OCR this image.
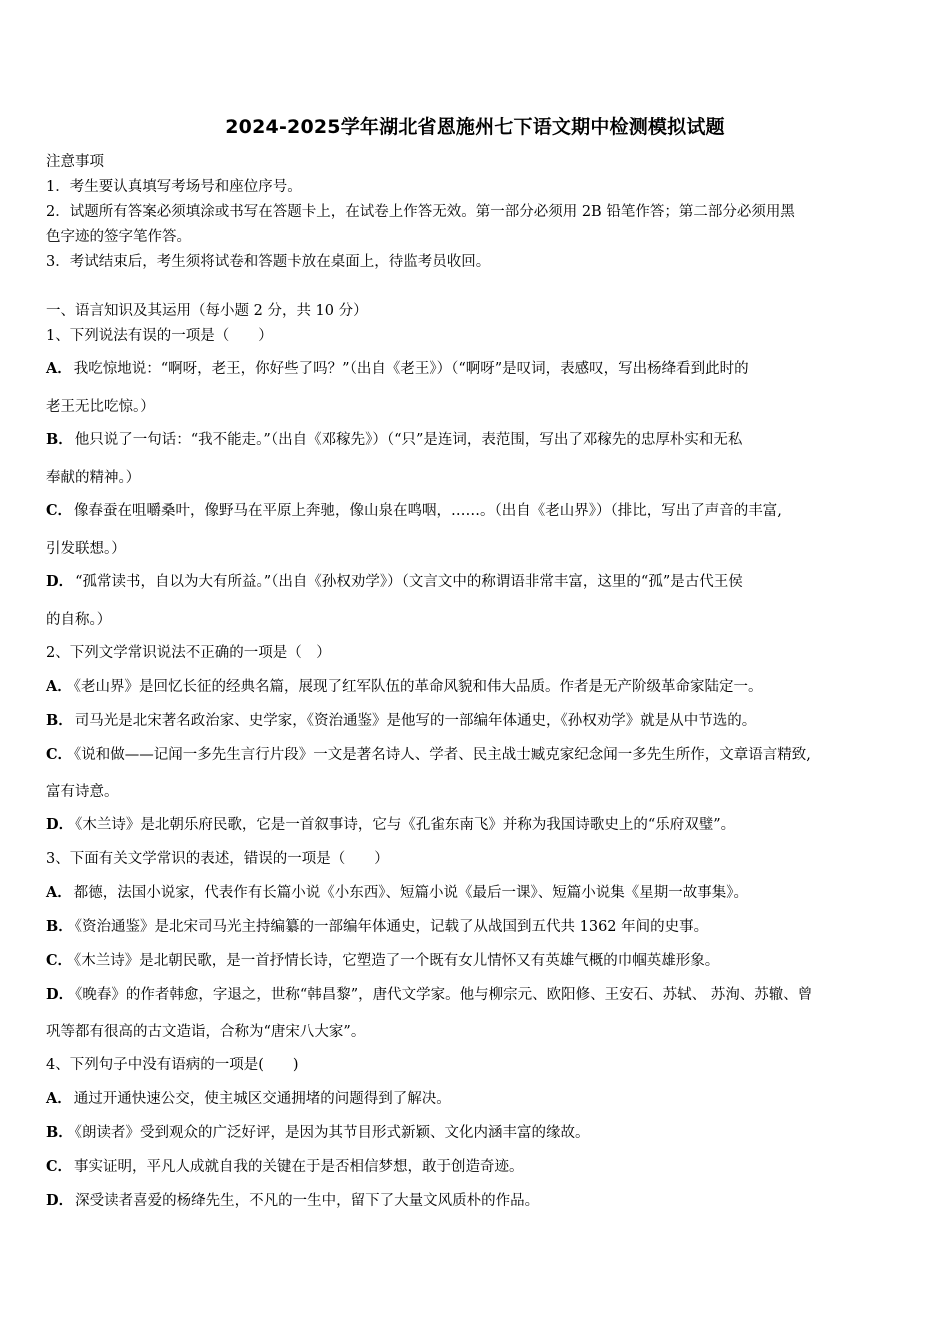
2024-2025学年湖北省恩施州七下语文期中检测模拟试题
注意事项
1．考生要认真填写考场号和座位序号。
2．试题所有答案必须填涂或书写在答题卡上，在试卷上作答无效。第一部分必须用 2B 铅笔作答；第二部分必须用黑
色字迹的签字笔作答。
3．考试结束后，考生须将试卷和答题卡放在桌面上，待监考员收回。
一、语言知识及其运用（每小题 2 分，共 10 分）
1、下列说法有误的一项是（　　）
A． 我吃惊地说：“啊呀，老王，你好些了吗？”（出自《老王》）（“啊呀”是叹词，表感叹，写出杨绛看到此时的
老王无比吃惊。）
B． 他只说了一句话：“我不能走。”（出自《邓稼先》）（“只”是连词，表范围，写出了邓稼先的忠厚朴实和无私
奉献的精神。）
C． 像春蚕在咀嚼桑叶，像野马在平原上奔驰，像山泉在鸣咽，……。（出自《老山界》）（排比，写出了声音的丰富,
引发联想。）
D． “孤常读书，自以为大有所益。”（出自《孙权劝学》）（文言文中的称谓语非常丰富，这里的“孤”是古代王侯
的自称。）
2、下列文学常识说法不正确的一项是（　）
A． 《老山界》是回忆长征的经典名篇，展现了红军队伍的革命风貌和伟大品质。作者是无产阶级革命家陆定一。
B． 司马光是北宋著名政治家、史学家，《资治通鉴》是他写的一部编年体通史，《孙权劝学》就是从中节选的。
C． 《说和做——记闻一多先生言行片段》一文是著名诗人、学者、民主战士臧克家纪念闻一多先生所作，文章语言精致,
富有诗意。
D． 《木兰诗》是北朝乐府民歌，它是一首叙事诗，它与《孔雀东南飞》并称为我国诗歌史上的“乐府双璧”。
3、下面有关文学常识的表述，错误的一项是（　　）
A． 都德，法国小说家，代表作有长篇小说《小东西》、短篇小说《最后一课》、短篇小说集《星期一故事集》。
B． 《资治通鉴》是北宋司马光主持编纂的一部编年体通史，记载了从战国到五代共 1362 年间的史事。
C． 《木兰诗》是北朝民歌，是一首抒情长诗，它塑造了一个既有女儿情怀又有英雄气概的巾帼英雄形象。
D． 《晚春》的作者韩愈，字退之，世称“韩昌黎”，唐代文学家。他与柳宗元、欧阳修、王安石、苏轼、 苏洵、苏辙、曾
巩等都有很高的古文造诣，合称为“唐宋八大家”。
4、下列句子中没有语病的一项是(　　)
A． 通过开通快速公交，使主城区交通拥堵的问题得到了解决。
B． 《朗读者》受到观众的广泛好评，是因为其节目形式新颖、文化内涵丰富的缘故。
C． 事实证明，平凡人成就自我的关键在于是否相信梦想，敢于创造奇迹。
D． 深受读者喜爱的杨绛先生，不凡的一生中，留下了大量文风质朴的作品。
